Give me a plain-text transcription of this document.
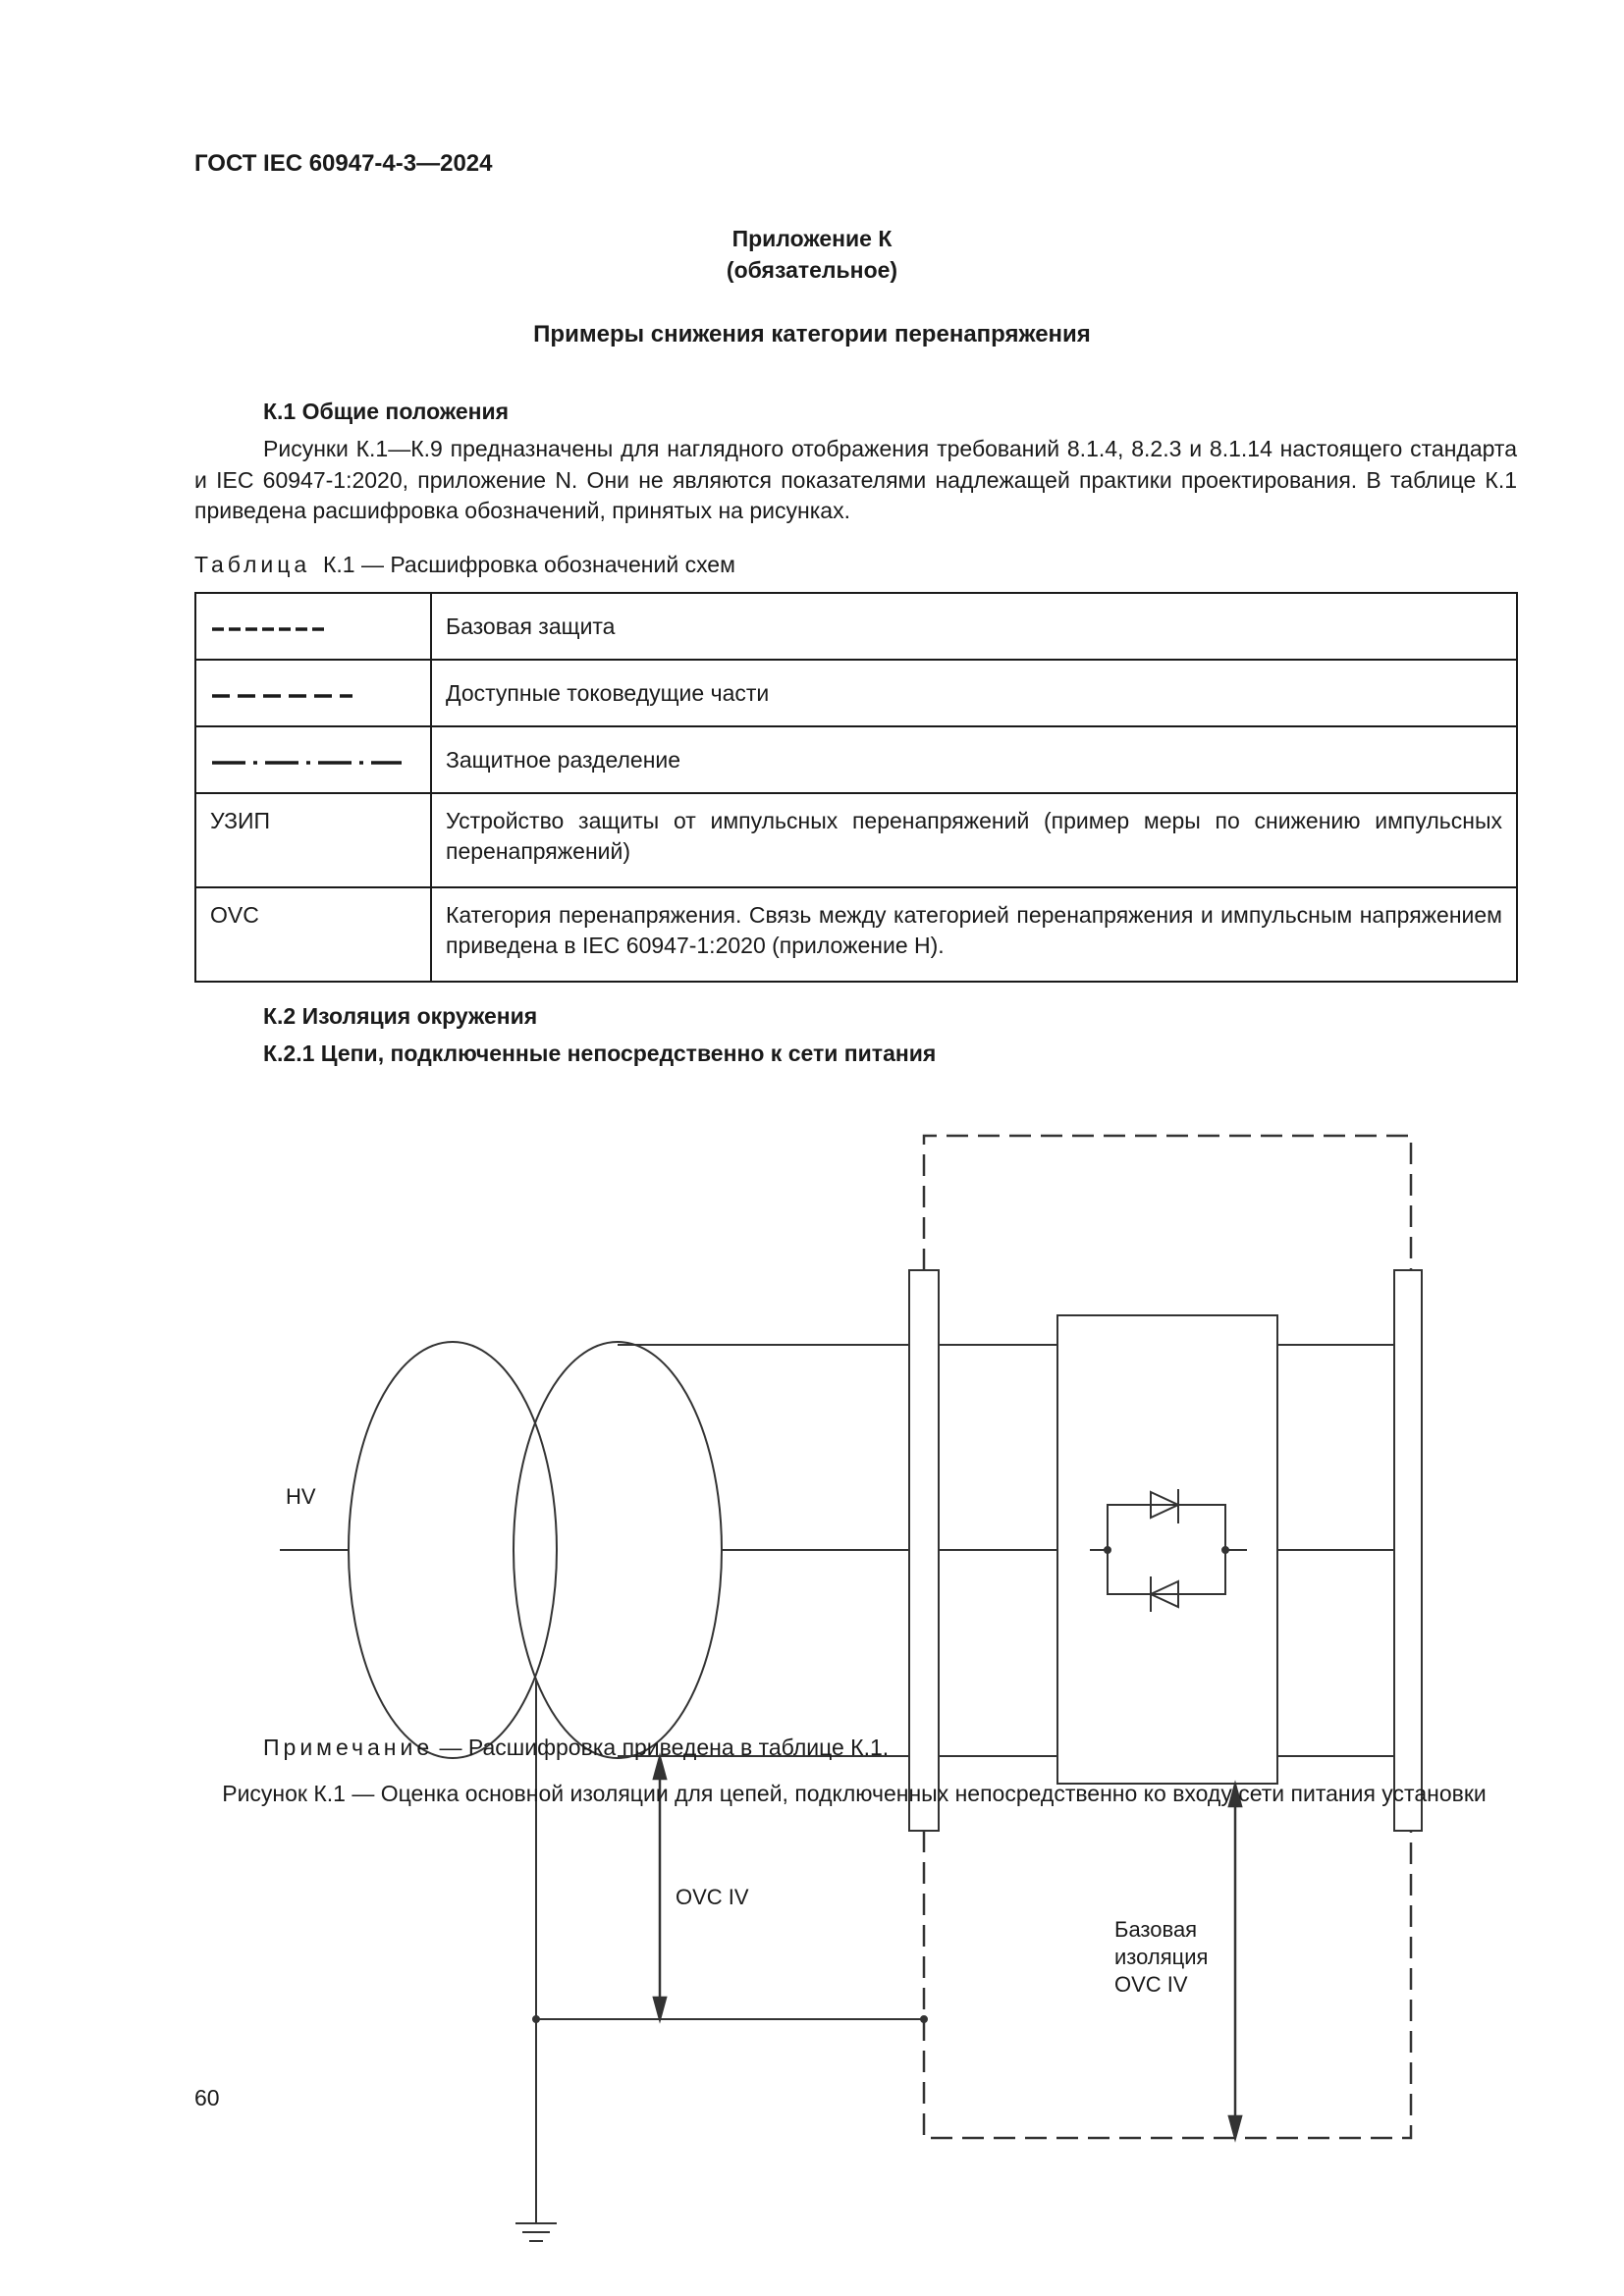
ГОСТ IEC 60947-4-3—2024
Приложение К
(обязательное)
Примеры снижения категории перенапряжения
К.1 Общие положения
Рисунки К.1—К.9 предназначены для наглядного отображения требований 8.1.4, 8.2.3 и 8.1.14 настоящего стандарта и IEC 60947-1:2020, приложение N. Они не являются показателями надлежащей практики проектирования. В таблице К.1 приведена расшифровка обозначений, принятых на рисунках.
Таблица К.1 — Расшифровка обозначений схем
	Базовая защита
	Доступные токоведущие части
	Защитное разделение
УЗИП	Устройство защиты от импульсных перенапряжений (пример меры по снижению импульсных перенапряжений)
OVC	Категория перенапряжения. Связь между категорией перенапряжения и импульсным напряжением приведена в IEC 60947-1:2020 (приложение H).
К.2 Изоляция окружения
К.2.1 Цепи, подключенные непосредственно к сети питания
HV
OVC IV
Базовая
изоляция
OVC IV
Примечание — Расшифровка приведена в таблице К.1.
Рисунок К.1 — Оценка основной изоляции для цепей, подключенных непосредственно ко входу сети питания установки
60
